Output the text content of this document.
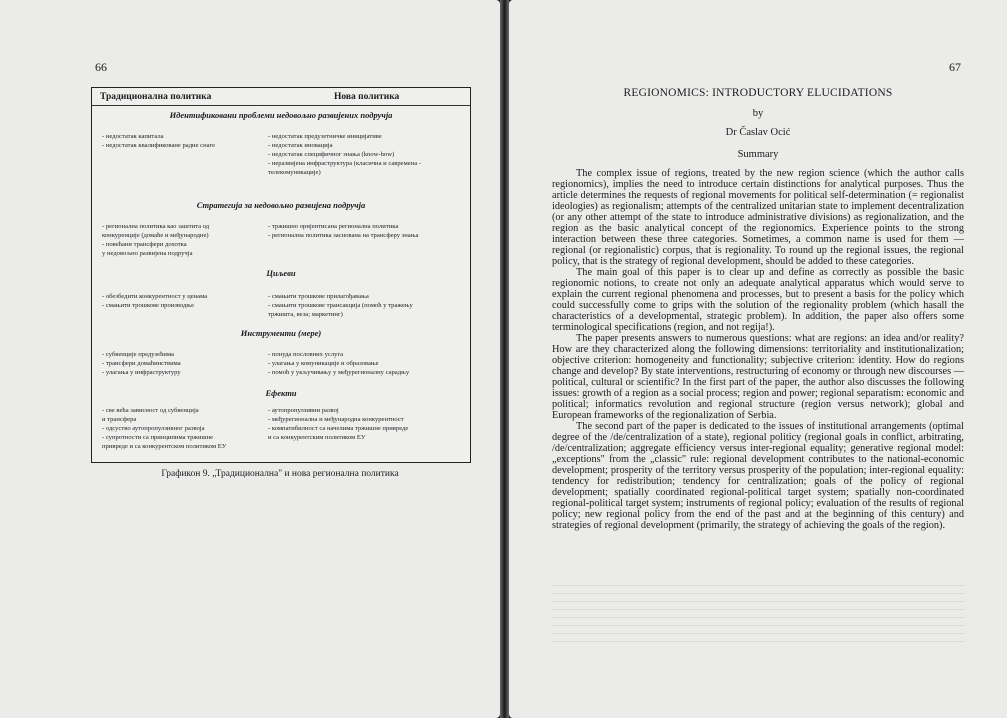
66
Традиционална политика	Нова политика
Идентификовани проблеми недовољно развијених подручја
- недостатак капитала
- недостатак квалификоване радне снаге
- недостатак предузетничке иницијативе
- недостатак иновација
- недостатак специфичног знања (know-how)
- неразвијена инфраструктура (класична и савремена -
телекомуникације)
Стратегија за недовољно развијена подручја
- регионална политика као заштита од
конкуренције (домаће и међународне)
- повећани трансфери дохотка
у недовољно развијена подручја
- тржишно оријентисана регионална политика
- регионална политика заснована на трансферу знања
Циљеви
- обезбедити конкурентност у ценама
- смањити трошкове производње
- смањити трошкове прилагођавања
- смањити трошкове трансакција (помоћ у тражењу
тржишта, веза; маркетинг)
Инструменти (мере)
- субвенције предузећима
- трансфери домаћинствима
- улагања у инфраструктуру
- понуда пословних услуга
- улагања у комуникације и образовање
- помоћ у укључивању у међурегионалну сарадњу
Ефекти
- све већа зависност од субвенција
и трансфера
- одсуство аутопропулзивног развоја
- супротности са принципима тржишне
привреде и са конкурентском политиком ЕУ
- аутопропулзивни развој
- међурегионална и међународна конкурентност
- компатибилност са начелима тржишне привреде
и са конкурентским политиком ЕУ
Графикон 9. „Традиционална" и нова регионална политика
67
REGIONOMICS: INTRODUCTORY ELUCIDATIONS
by
Dr Časlav Ocić
Summary

The complex issue of regions, treated by the new region science (which the author calls regionomics), implies the need to introduce certain distinctions for analytical purposes. Thus the article determines the requests of regional movements for political self-determination (= regionalist ideologies) as regionalism; attempts of the centralized unitarian state to implement decentralization (or any other attempt of the state to introduce administrative divisions) as regionalization, and the region as the basic analytical concept of the regionomics. Experience points to the strong interaction between these three categories. Sometimes, a common name is used for them — regional (or regionalistic) corpus, that is regionality. To round up the regional issues, the regional policy, that is the strategy of regional development, should be added to these categories.

The main goal of this paper is to clear up and define as correctly as possible the basic regionomic notions, to create not only an adequate analytical apparatus which would serve to explain the current regional phenomena and processes, but to present a basis for the policy which could successfully come to grips with the solution of the regionality problem (which hasall the characteristics of a developmental, strategic problem). In addition, the paper also offers some terminological specifications (region, and not regija!).

The paper presents answers to numerous questions: what are regions: an idea and/or reality? How are they characterized along the following dimensions: territoriality and institutionalization; objective criterion: homogeneity and functionality; subjective criterion: identity. How do regions change and develop? By state interventions, restructuring of economy or through new discourses — political, cultural or scientific? In the first part of the paper, the author also discusses the following issues: growth of a region as a social process; region and power; regional separatism: economic and political; informatics revolution and regional structure (region versus network); global and European frameworks of the regionalization of Serbia.

The second part of the paper is dedicated to the issues of institutional arrangements (optimal degree of the /de/centralization of a state), regional politicy (regional goals in conflict, arbitrating, /de/centralization; aggregate efficiency versus inter-regional equality; generative regional model: „exceptions" from the „classic" rule: regional development contributes to the national-economic development; prosperity of the territory versus prosperity of the population; inter-regional equality: tendency for redistribution; tendency for centralization; goals of the policy of regional development; spatially coordinated regional-political target system; spatially non-coordinated regional-political target system; instruments of regional policy; evaluation of the results of regional policy; new regional policy from the end of the past and at the beginning of this century) and strategies of regional development (primarily, the strategy of achieving the goals of the region).
